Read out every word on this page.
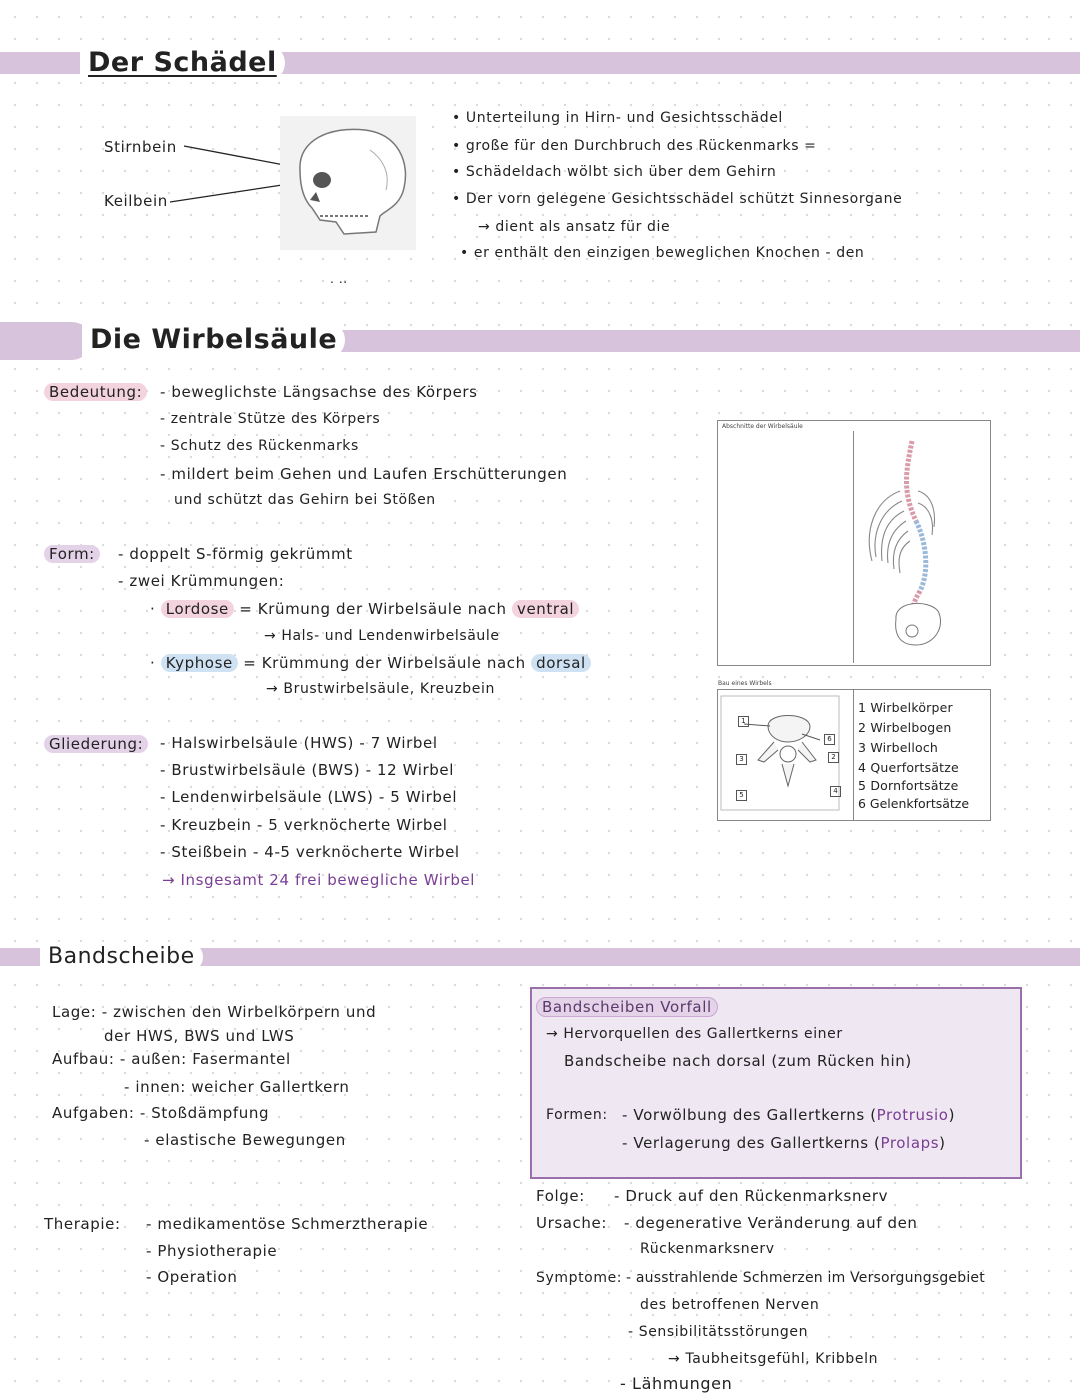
Der Schädel
Stirnbein
Keilbein
. ..
• Unterteilung in Hirn- und Gesichtsschädel
• große für den Durchbruch des Rückenmarks =
• Schädeldach wölbt sich über dem Gehirn
• Der vorn gelegene Gesichtsschädel schützt Sinnesorgane
→ dient als ansatz für die
• er enthält den einzigen beweglichen Knochen - den
Die Wirbelsäule
Bedeutung:	- beweglichste Längsachse des Körpers
- zentrale Stütze des Körpers
- Schutz des Rückenmarks
- mildert beim Gehen und Laufen Erschütterungen
und schützt das Gehirn bei Stößen
Form:	- doppelt S-förmig gekrümmt
- zwei Krümmungen:
· Lordose = Krümung der Wirbelsäule nach ventral
→ Hals- und Lendenwirbelsäule
· Kyphose = Krümmung der Wirbelsäule nach dorsal
→ Brustwirbelsäule, Kreuzbein
Gliederung:	- Halswirbelsäule (HWS) - 7 Wirbel
- Brustwirbelsäule (BWS) - 12 Wirbel
- Lendenwirbelsäule (LWS) - 5 Wirbel
- Kreuzbein - 5 verknöcherte Wirbel
- Steißbein - 4-5 verknöcherte Wirbel
→ Insgesamt 24 frei bewegliche Wirbel
Abschnitte der Wirbelsäule
Bau eines Wirbels
1
3
5
6
2
4
1 Wirbelkörper
2 Wirbelbogen
3 Wirbelloch
4 Querfortsätze
5 Dornfortsätze
6 Gelenkfortsätze
Bandscheibe
Lage: - zwischen den Wirbelkörpern und
der HWS, BWS und LWS
Aufbau: - außen: Fasermantel
- innen: weicher Gallertkern
Aufgaben: - Stoßdämpfung
- elastische Bewegungen
Therapie: - medikamentöse Schmerztherapie
- Physiotherapie
- Operation
Bandscheiben Vorfall
→ Hervorquellen des Gallertkerns einer
Bandscheibe nach dorsal (zum Rücken hin)
Formen: - Vorwölbung des Gallertkerns (Protrusio)
- Verlagerung des Gallertkerns (Prolaps)
Folge: - Druck auf den Rückenmarksnerv
Ursache: - degenerative Veränderung auf den
Rückenmarksnerv
Symptome: - ausstrahlende Schmerzen im Versorgungsgebiet
des betroffenen Nerven
- Sensibilitätsstörungen
→ Taubheitsgefühl, Kribbeln
- Lähmungen
